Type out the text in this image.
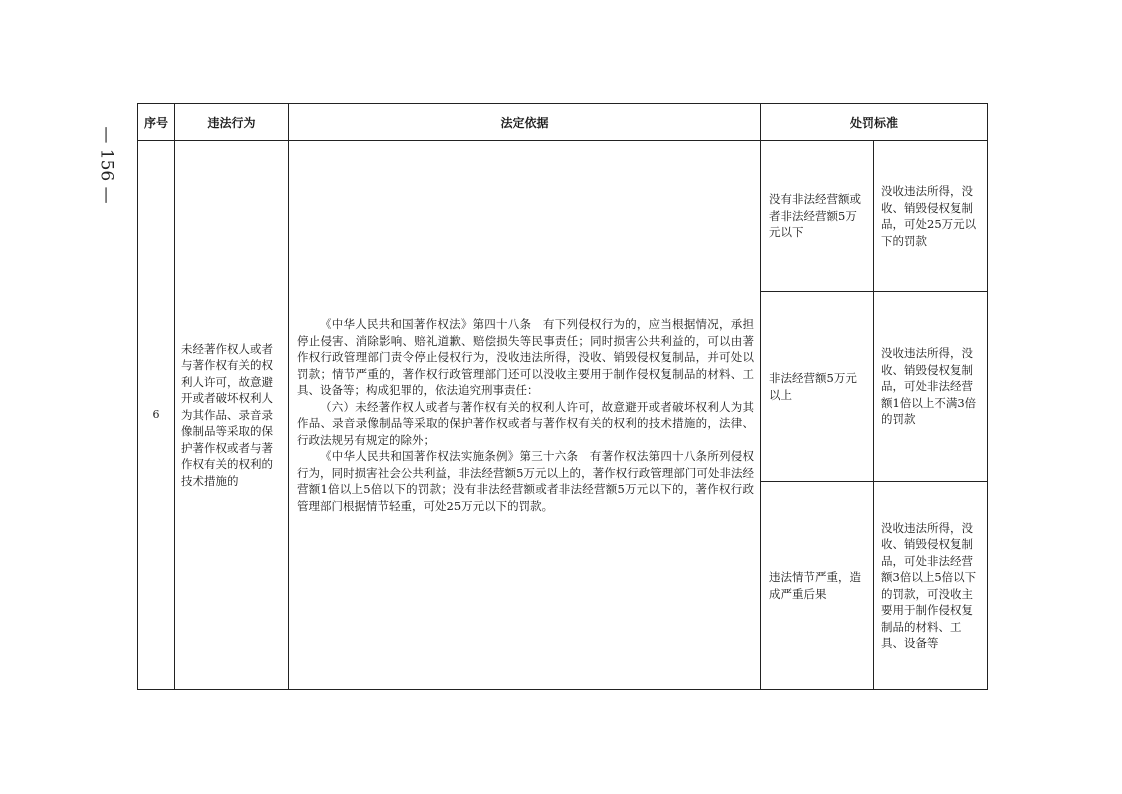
— 156 —
序号	违法行为	法定依据	处罚标准	
6	未经著作权人或者与著作权有关的权利人许可，故意避开或者破坏权利人为其作品、录音录像制品等采取的保护著作权或者与著作权有关的权利的技术措施的	《中华人民共和国著作权法》第四十八条　有下列侵权行为的，应当根据情况，承担停止侵害、消除影响、赔礼道歉、赔偿损失等民事责任；同时损害公共利益的，可以由著作权行政管理部门责令停止侵权行为，没收违法所得，没收、销毁侵权复制品，并可处以罚款；情节严重的，著作权行政管理部门还可以没收主要用于制作侵权复制品的材料、工具、设备等；构成犯罪的，依法追究刑事责任：

（六）未经著作权人或者与著作权有关的权利人许可，故意避开或者破坏权利人为其作品、录音录像制品等采取的保护著作权或者与著作权有关的权利的技术措施的，法律、行政法规另有规定的除外；

《中华人民共和国著作权法实施条例》第三十六条　有著作权法第四十八条所列侵权行为，同时损害社会公共利益，非法经营额5万元以上的，著作权行政管理部门可处非法经营额1倍以上5倍以下的罚款；没有非法经营额或者非法经营额5万元以下的，著作权行政管理部门根据情节轻重，可处25万元以下的罚款。	没有非法经营额或者非法经营额5万元以下	没收违法所得，没收、销毁侵权复制品，可处25万元以下的罚款
			非法经营额5万元以上	没收违法所得，没收、销毁侵权复制品，可处非法经营额1倍以上不满3倍的罚款
			违法情节严重，造成严重后果	没收违法所得，没收、销毁侵权复制品，可处非法经营额3倍以上5倍以下的罚款，可没收主要用于制作侵权复制品的材料、工具、设备等
